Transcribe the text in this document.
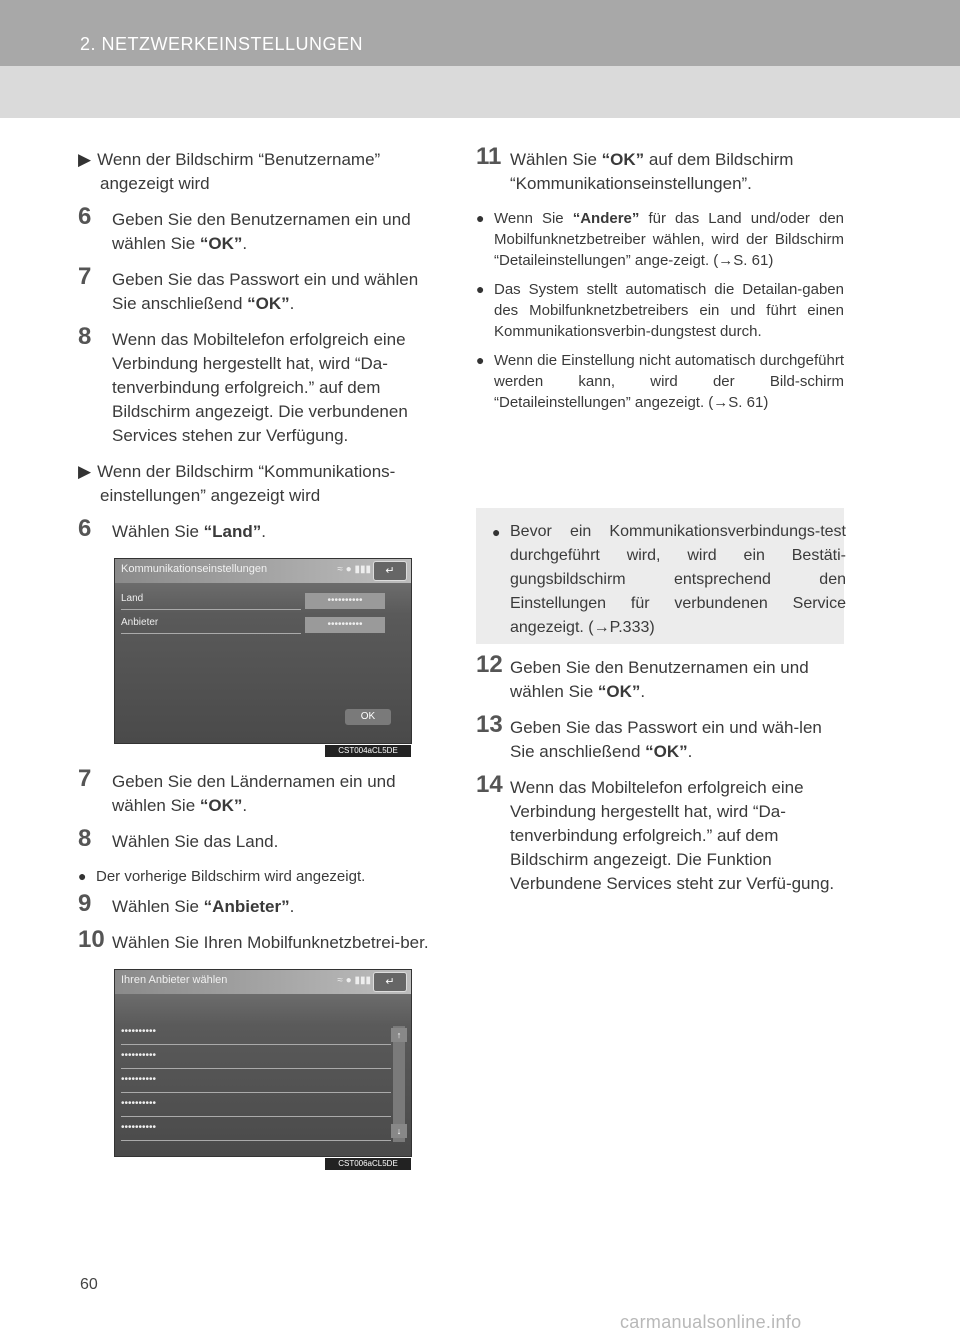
2. NETZWERKEINSTELLUNGEN
▶ Wenn der Bildschirm “Benutzername”
angezeigt wird
6 Geben Sie den Benutzernamen ein und wählen Sie “OK”.
7 Geben Sie das Passwort ein und wählen Sie anschließend “OK”.
8 Wenn das Mobiltelefon erfolgreich eine Verbindung hergestellt hat, wird “Da-tenverbindung erfolgreich.” auf dem Bildschirm angezeigt. Die verbundenen Services stehen zur Verfügung.
▶ Wenn der Bildschirm “Kommunikations-
einstellungen” angezeigt wird
6 Wählen Sie “Land”.
Kommunikationseinstellungen	≈ ● ▮▮▮	↵
Land	••••••••••
Anbieter	••••••••••
OK
CST004aCL5DE
7 Geben Sie den Ländernamen ein und wählen Sie “OK”.
8 Wählen Sie das Land.
● Der vorherige Bildschirm wird angezeigt.
9 Wählen Sie “Anbieter”.
10 Wählen Sie Ihren Mobilfunknetzbetrei-ber.
Ihren Anbieter wählen	≈ ● ▮▮▮	↵
••••••••••
••••••••••
••••••••••
••••••••••
••••••••••
↑
↓
CST006aCL5DE
11 Wählen Sie “OK” auf dem Bildschirm “Kommunikationseinstellungen”.
● Wenn Sie “Andere” für das Land und/oder den Mobilfunknetzbetreiber wählen, wird der Bildschirm “Detaileinstellungen” ange-zeigt. (→S. 61)
● Das System stellt automatisch die Detailan-gaben des Mobilfunknetzbetreibers ein und führt einen Kommunikationsverbin-dungstest durch.
● Wenn die Einstellung nicht automatisch durchgeführt werden kann, wird der Bild-schirm “Detaileinstellungen” angezeigt. (→S. 61)
● Bevor ein Kommunikationsverbindungs-test durchgeführt wird, wird ein Bestäti-gungsbildschirm entsprechend den Einstellungen für verbundenen Service angezeigt. (→P.333)
12 Geben Sie den Benutzernamen ein und wählen Sie “OK”.
13 Geben Sie das Passwort ein und wäh-len Sie anschließend “OK”.
14 Wenn das Mobiltelefon erfolgreich eine Verbindung hergestellt hat, wird “Da-tenverbindung erfolgreich.” auf dem Bildschirm angezeigt. Die Funktion Verbundene Services steht zur Verfü-gung.
60
carmanualsonline.info
